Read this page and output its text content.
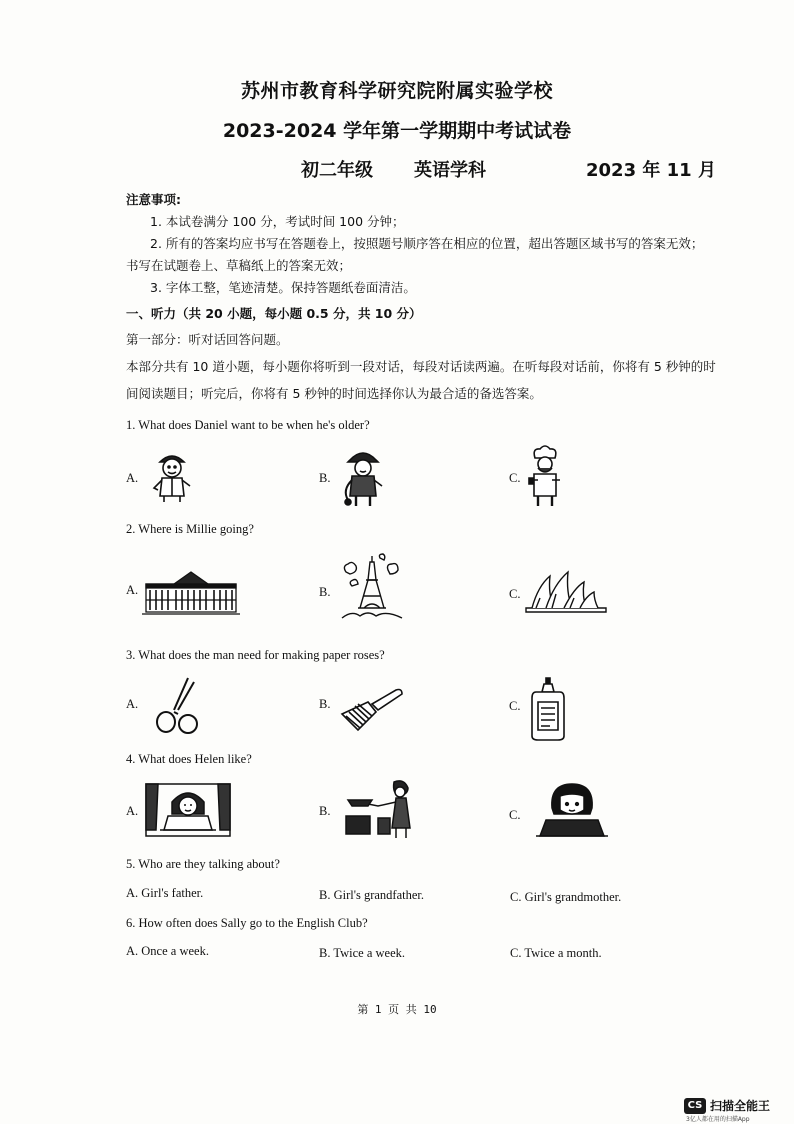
苏州市教育科学研究院附属实验学校
2023-2024 学年第一学期期中考试试卷
初二年级 英语学科	2023 年 11 月
注意事项:
1. 本试卷满分 100 分，考试时间 100 分钟；
2. 所有的答案均应书写在答题卷上，按照题号顺序答在相应的位置，超出答题区域书写的答案无效；
书写在试题卷上、草稿纸上的答案无效；
3. 字体工整，笔迹清楚。保持答题纸卷面清洁。
一、听力（共 20 小题，每小题 0.5 分，共 10 分）
第一部分：听对话回答问题。
本部分共有 10 道小题，每小题你将听到一段对话，每段对话读两遍。在听每段对话前，你将有 5 秒钟的时
间阅读题目；听完后，你将有 5 秒钟的时间选择你认为最合适的备选答案。
1. What does Daniel want to be when he's older?
A.	B.	C.
2. Where is Millie going?
A.	B.	C.
3. What does the man need for making paper roses?
A.	B.	C.
4. What does Helen like?
A.	B.	C.
5. Who are they talking about?
A. Girl's father.	B. Girl's grandfather.	C. Girl's grandmother.
6. How often does Sally go to the English Club?
A. Once a week.	B. Twice a week.	C. Twice a month.
第 1 页 共 10
CS 扫描全能王
3亿人都在用的扫描App
